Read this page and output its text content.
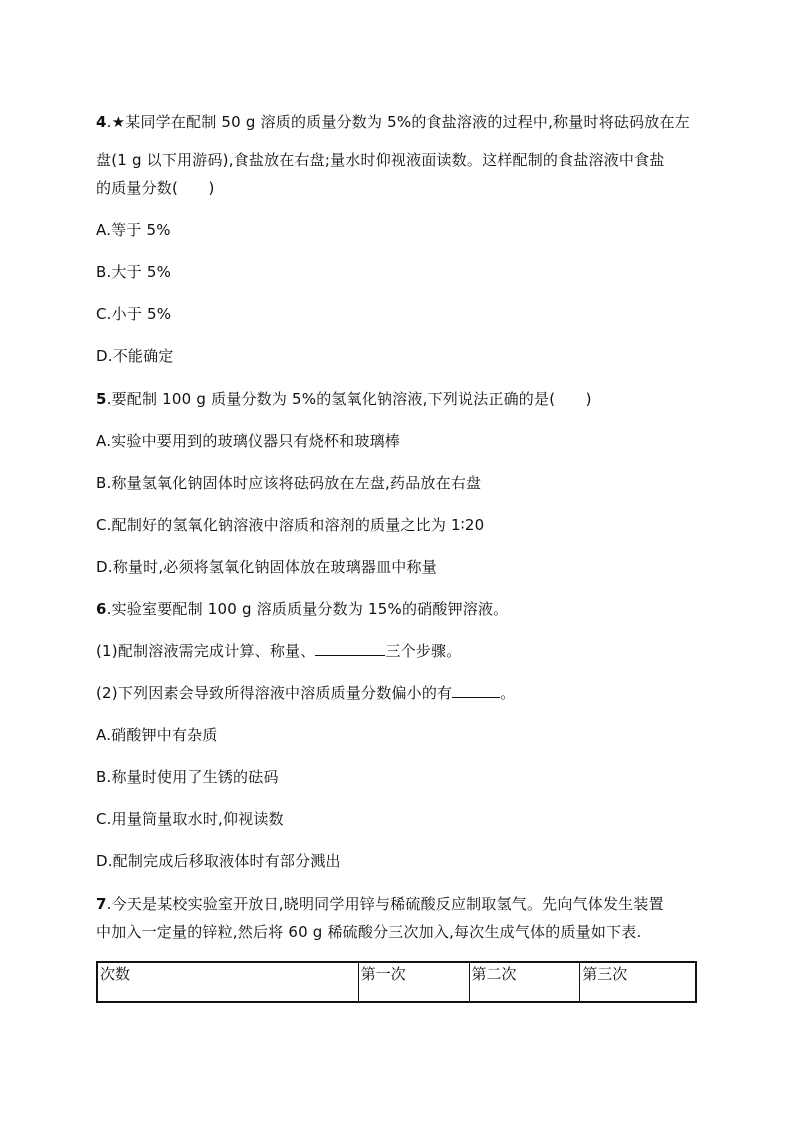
4.★某同学在配制 50 g 溶质的质量分数为 5%的食盐溶液的过程中,称量时将砝码放在左
盘(1 g 以下用游码),食盐放在右盘;量水时仰视液面读数。这样配制的食盐溶液中食盐
的质量分数(　　)
A.等于 5%
B.大于 5%
C.小于 5%
D.不能确定
5.要配制 100 g 质量分数为 5%的氢氧化钠溶液,下列说法正确的是(　　)
A.实验中要用到的玻璃仪器只有烧杯和玻璃棒
B.称量氢氧化钠固体时应该将砝码放在左盘,药品放在右盘
C.配制好的氢氧化钠溶液中溶质和溶剂的质量之比为 1∶20
D.称量时,必须将氢氧化钠固体放在玻璃器皿中称量
6.实验室要配制 100 g 溶质质量分数为 15%的硝酸钾溶液。
(1)配制溶液需完成计算、称量、	三个步骤。
(2)下列因素会导致所得溶液中溶质质量分数偏小的有	。
A.硝酸钾中有杂质
B.称量时使用了生锈的砝码
C.用量筒量取水时,仰视读数
D.配制完成后移取液体时有部分溅出
7.今天是某校实验室开放日,晓明同学用锌与稀硫酸反应制取氢气。先向气体发生装置
中加入一定量的锌粒,然后将 60 g 稀硫酸分三次加入,每次生成气体的质量如下表.
次数	第一次	第二次	第三次
